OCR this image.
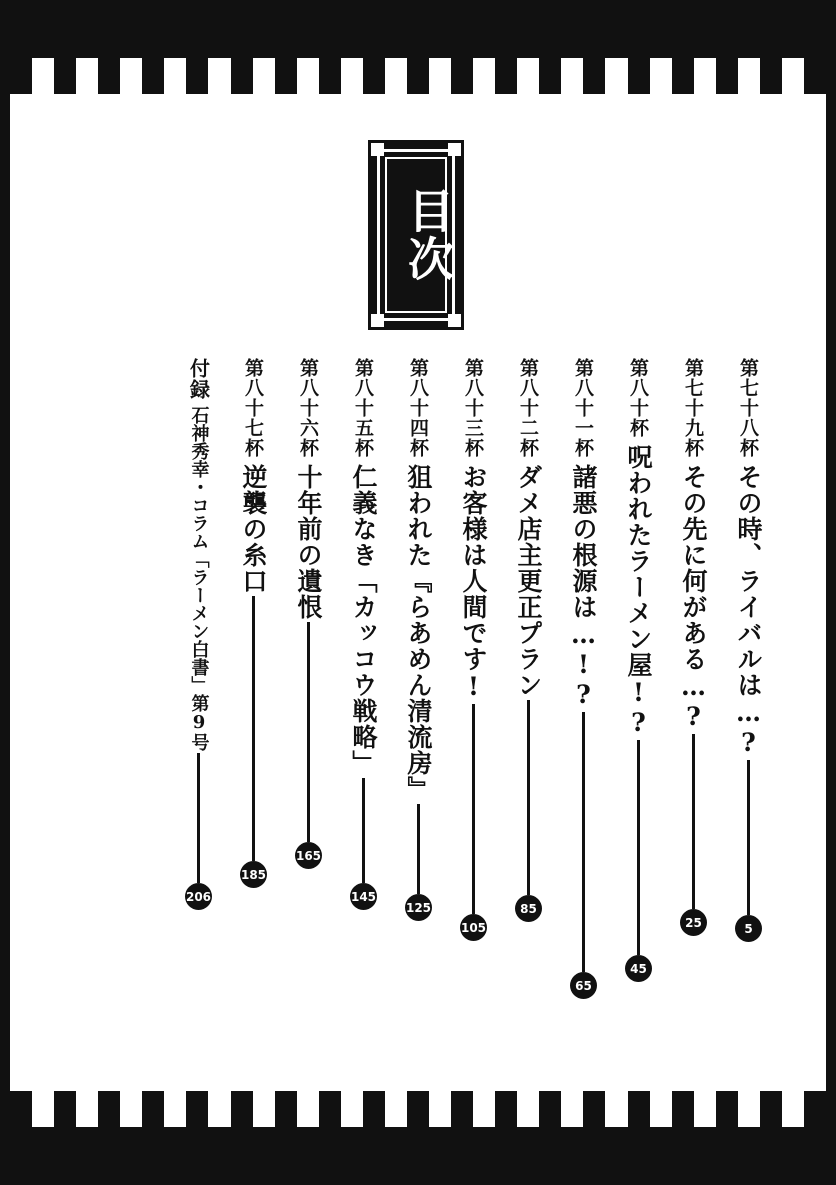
目次
第七十八杯その時、ライバルは…?
5
第七十九杯その先に何がある…?
25
第八十杯呪われたラーメン屋!?
45
第八十一杯諸悪の根源は…!?
65
第八十二杯ダメ店主更正プラン
85
第八十三杯お客様は人間です!
105
第八十四杯狙われた『らあめん清流房』
125
第八十五杯仁義なき「カッコウ戦略」
145
第八十六杯十年前の遺恨
165
第八十七杯逆襲の糸口
185
付録石神秀幸・コラム「ラーメン白書」第9号
206
